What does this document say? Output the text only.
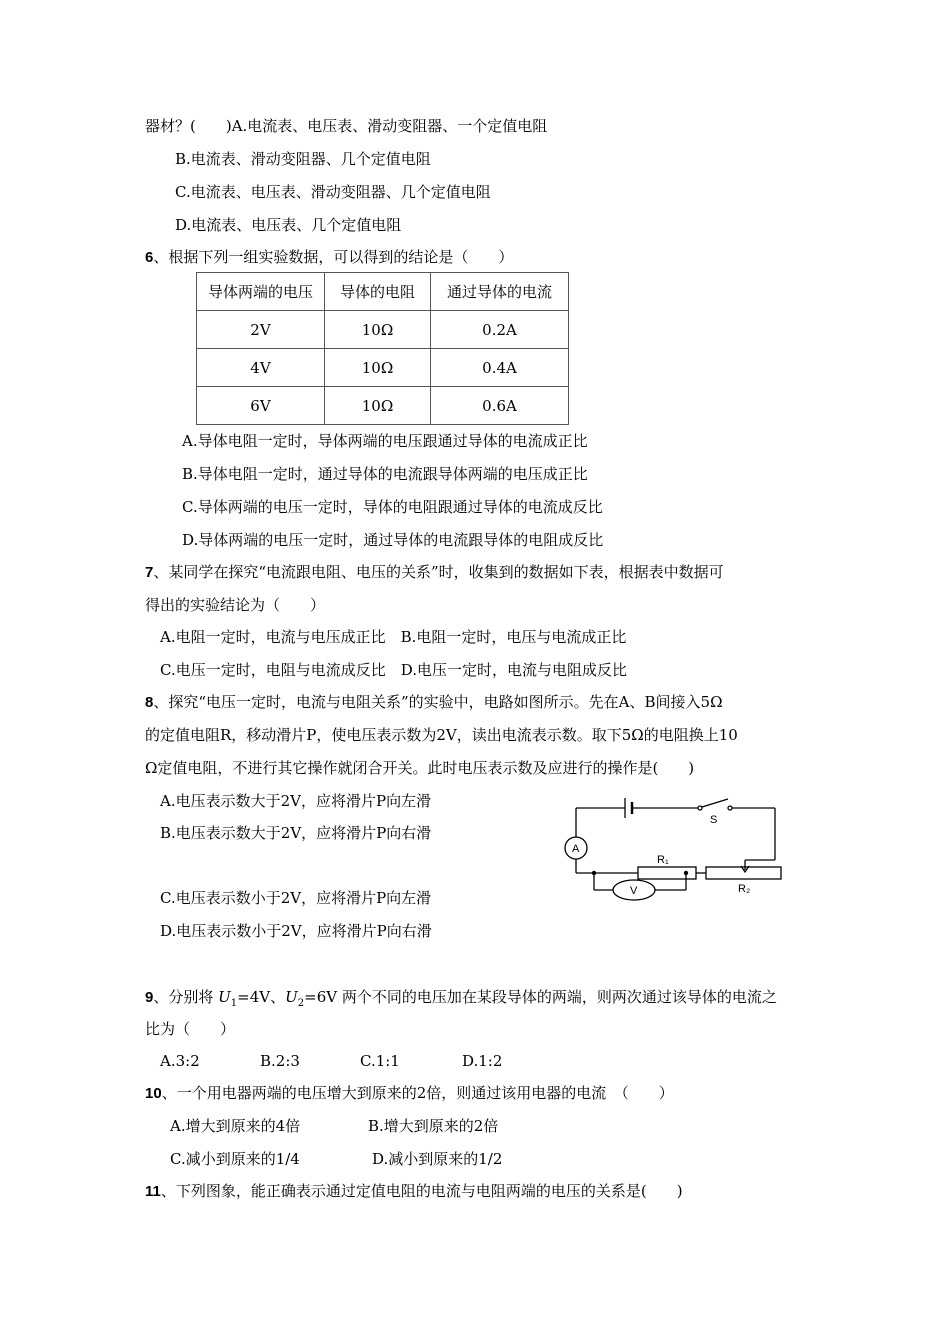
器材？(　　)A.电流表、电压表、滑动变阻器、一个定值电阻
B.电流表、滑动变阻器、几个定值电阻
C.电流表、电压表、滑动变阻器、几个定值电阻
D.电流表、电压表、几个定值电阻
6、根据下列一组实验数据，可以得到的结论是（　　）
导体两端的电压	导体的电阻	通过导体的电流
2V	10Ω	0.2A
4V	10Ω	0.4A
6V	10Ω	0.6A
A.导体电阻一定时，导体两端的电压跟通过导体的电流成正比
B.导体电阻一定时，通过导体的电流跟导体两端的电压成正比
C.导体两端的电压一定时，导体的电阻跟通过导体的电流成反比
D.导体两端的电压一定时，通过导体的电流跟导体的电阻成反比
7、某同学在探究“电流跟电阻、电压的关系”时，收集到的数据如下表，根据表中数据可
得出的实验结论为（　　）
A.电阻一定时，电流与电压成正比　B.电阻一定时，电压与电流成正比
C.电压一定时，电阻与电流成反比　D.电压一定时，电流与电阻成反比
8、探究“电压一定时，电流与电阻关系”的实验中，电路如图所示。先在A、B间接入5Ω
的定值电阻R，移动滑片P，使电压表示数为2V，读出电流表示数。取下5Ω的电阻换上10
Ω定值电阻，不进行其它操作就闭合开关。此时电压表示数及应进行的操作是(　　)
A.电压表示数大于2V，应将滑片P向左滑
B.电压表示数大于2V，应将滑片P向右滑
C.电压表示数小于2V，应将滑片P向左滑
D.电压表示数小于2V，应将滑片P向右滑
S
A
V
R₁
R₂
9、分别将 $U_1=4V$、$U_2=6V$ 两个不同的电压加在某段导体的两端，则两次通过该导体的电流之
比为（　　）
A.3:2	B.2:3	C.1:1	D.1:2
10、一个用电器两端的电压增大到原来的2倍，则通过该用电器的电流　（　　）
A.增大到原来的4倍	B.增大到原来的2倍
C.减小到原来的1/4	D.减小到原来的1/2
11、下列图象，能正确表示通过定值电阻的电流与电阻两端的电压的关系是(　　)
